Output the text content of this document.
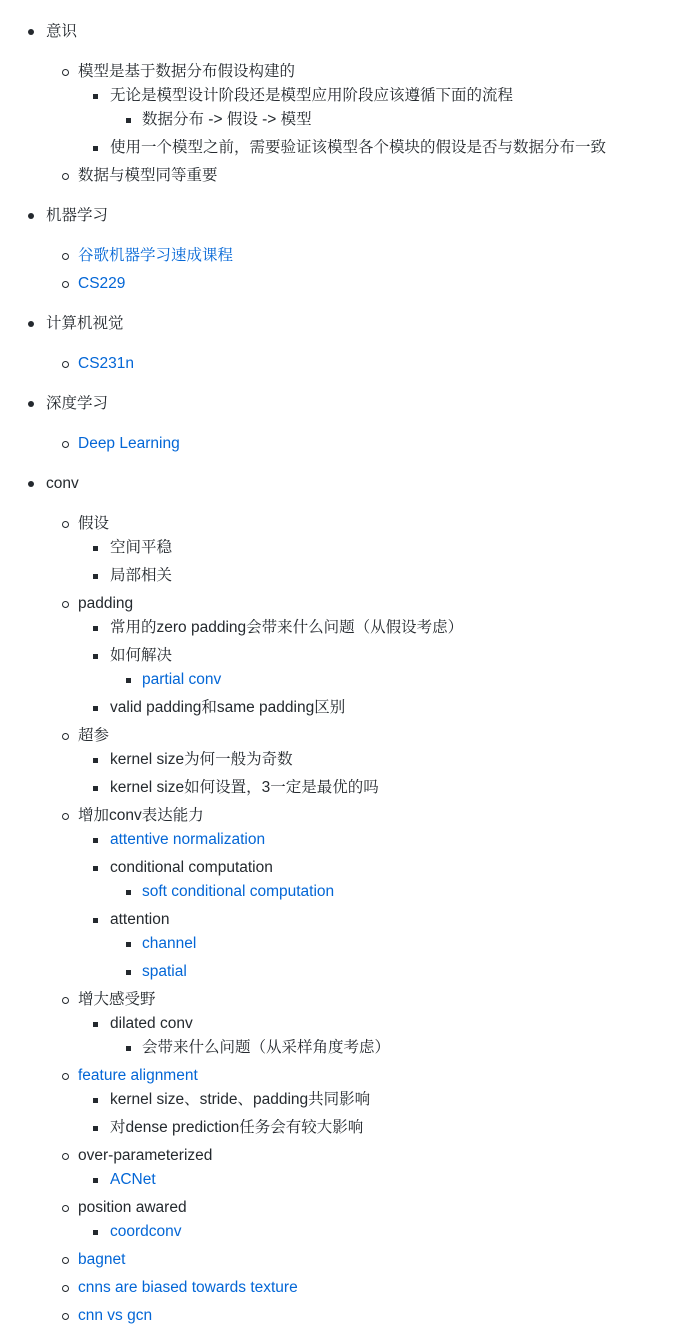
意识
模型是基于数据分布假设构建的
无论是模型设计阶段还是模型应用阶段应该遵循下面的流程
数据分布 -> 假设 -> 模型
使用一个模型之前，需要验证该模型各个模块的假设是否与数据分布一致
数据与模型同等重要
机器学习
谷歌机器学习速成课程
CS229
计算机视觉
CS231n
深度学习
Deep Learning
conv
假设
空间平稳
局部相关
padding
常用的zero padding会带来什么问题（从假设考虑）
如何解决
partial conv
valid padding和same padding区别
超参
kernel size为何一般为奇数
kernel size如何设置，3一定是最优的吗
增加conv表达能力
attentive normalization
conditional computation
soft conditional computation
attention
channel
spatial
增大感受野
dilated conv
会带来什么问题（从采样角度考虑）
feature alignment
kernel size、stride、padding共同影响
对dense prediction任务会有较大影响
over-parameterized
ACNet
position awared
coordconv
bagnet
cnns are biased towards texture
cnn vs gcn
